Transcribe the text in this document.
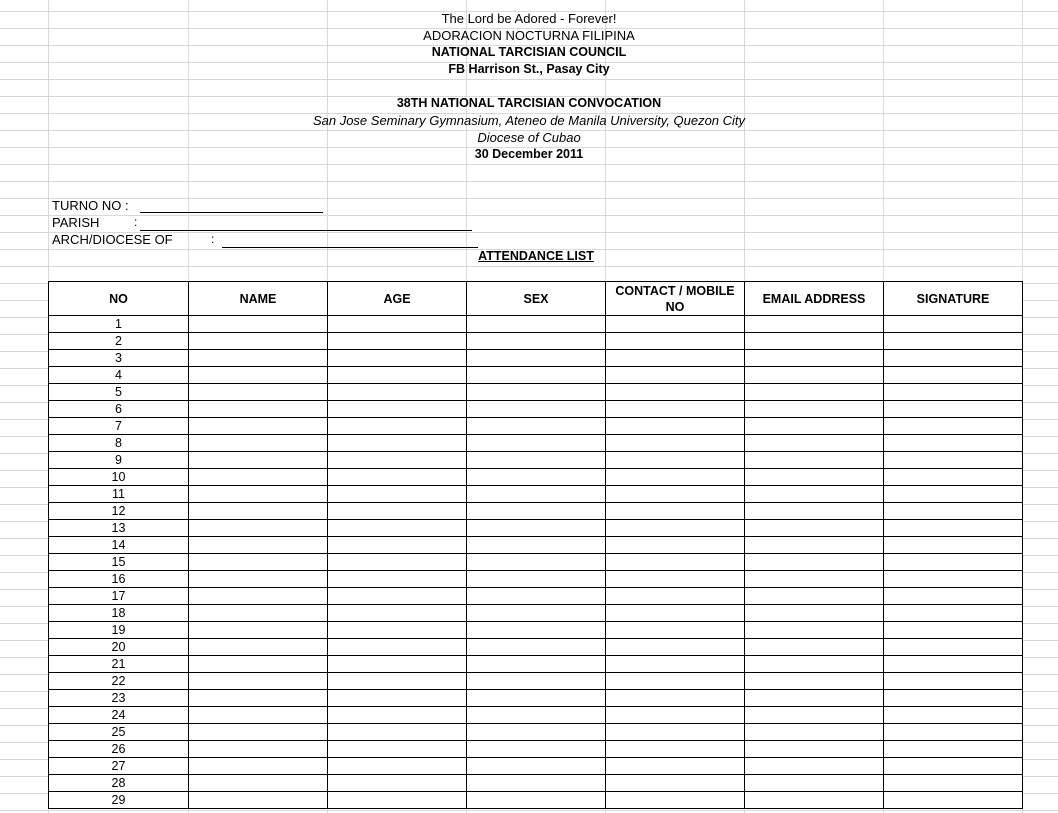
The Lord be Adored - Forever!
ADORACION NOCTURNA FILIPINA
NATIONAL TARCISIAN COUNCIL
FB Harrison St., Pasay City
38TH NATIONAL TARCISIAN CONVOCATION
San Jose Seminary Gymnasium, Ateneo de Manila University, Quezon City
Diocese of Cubao
30 December 2011
TURNO NO :
PARISH	:
ARCH/DIOCESE OF	:
ATTENDANCE LIST
NO	NAME	AGE	SEX	CONTACT / MOBILE NO	EMAIL ADDRESS	SIGNATURE
1						
2						
3						
4						
5						
6						
7						
8						
9						
10						
11						
12						
13						
14						
15						
16						
17						
18						
19						
20						
21						
22						
23						
24						
25						
26						
27						
28						
29						
